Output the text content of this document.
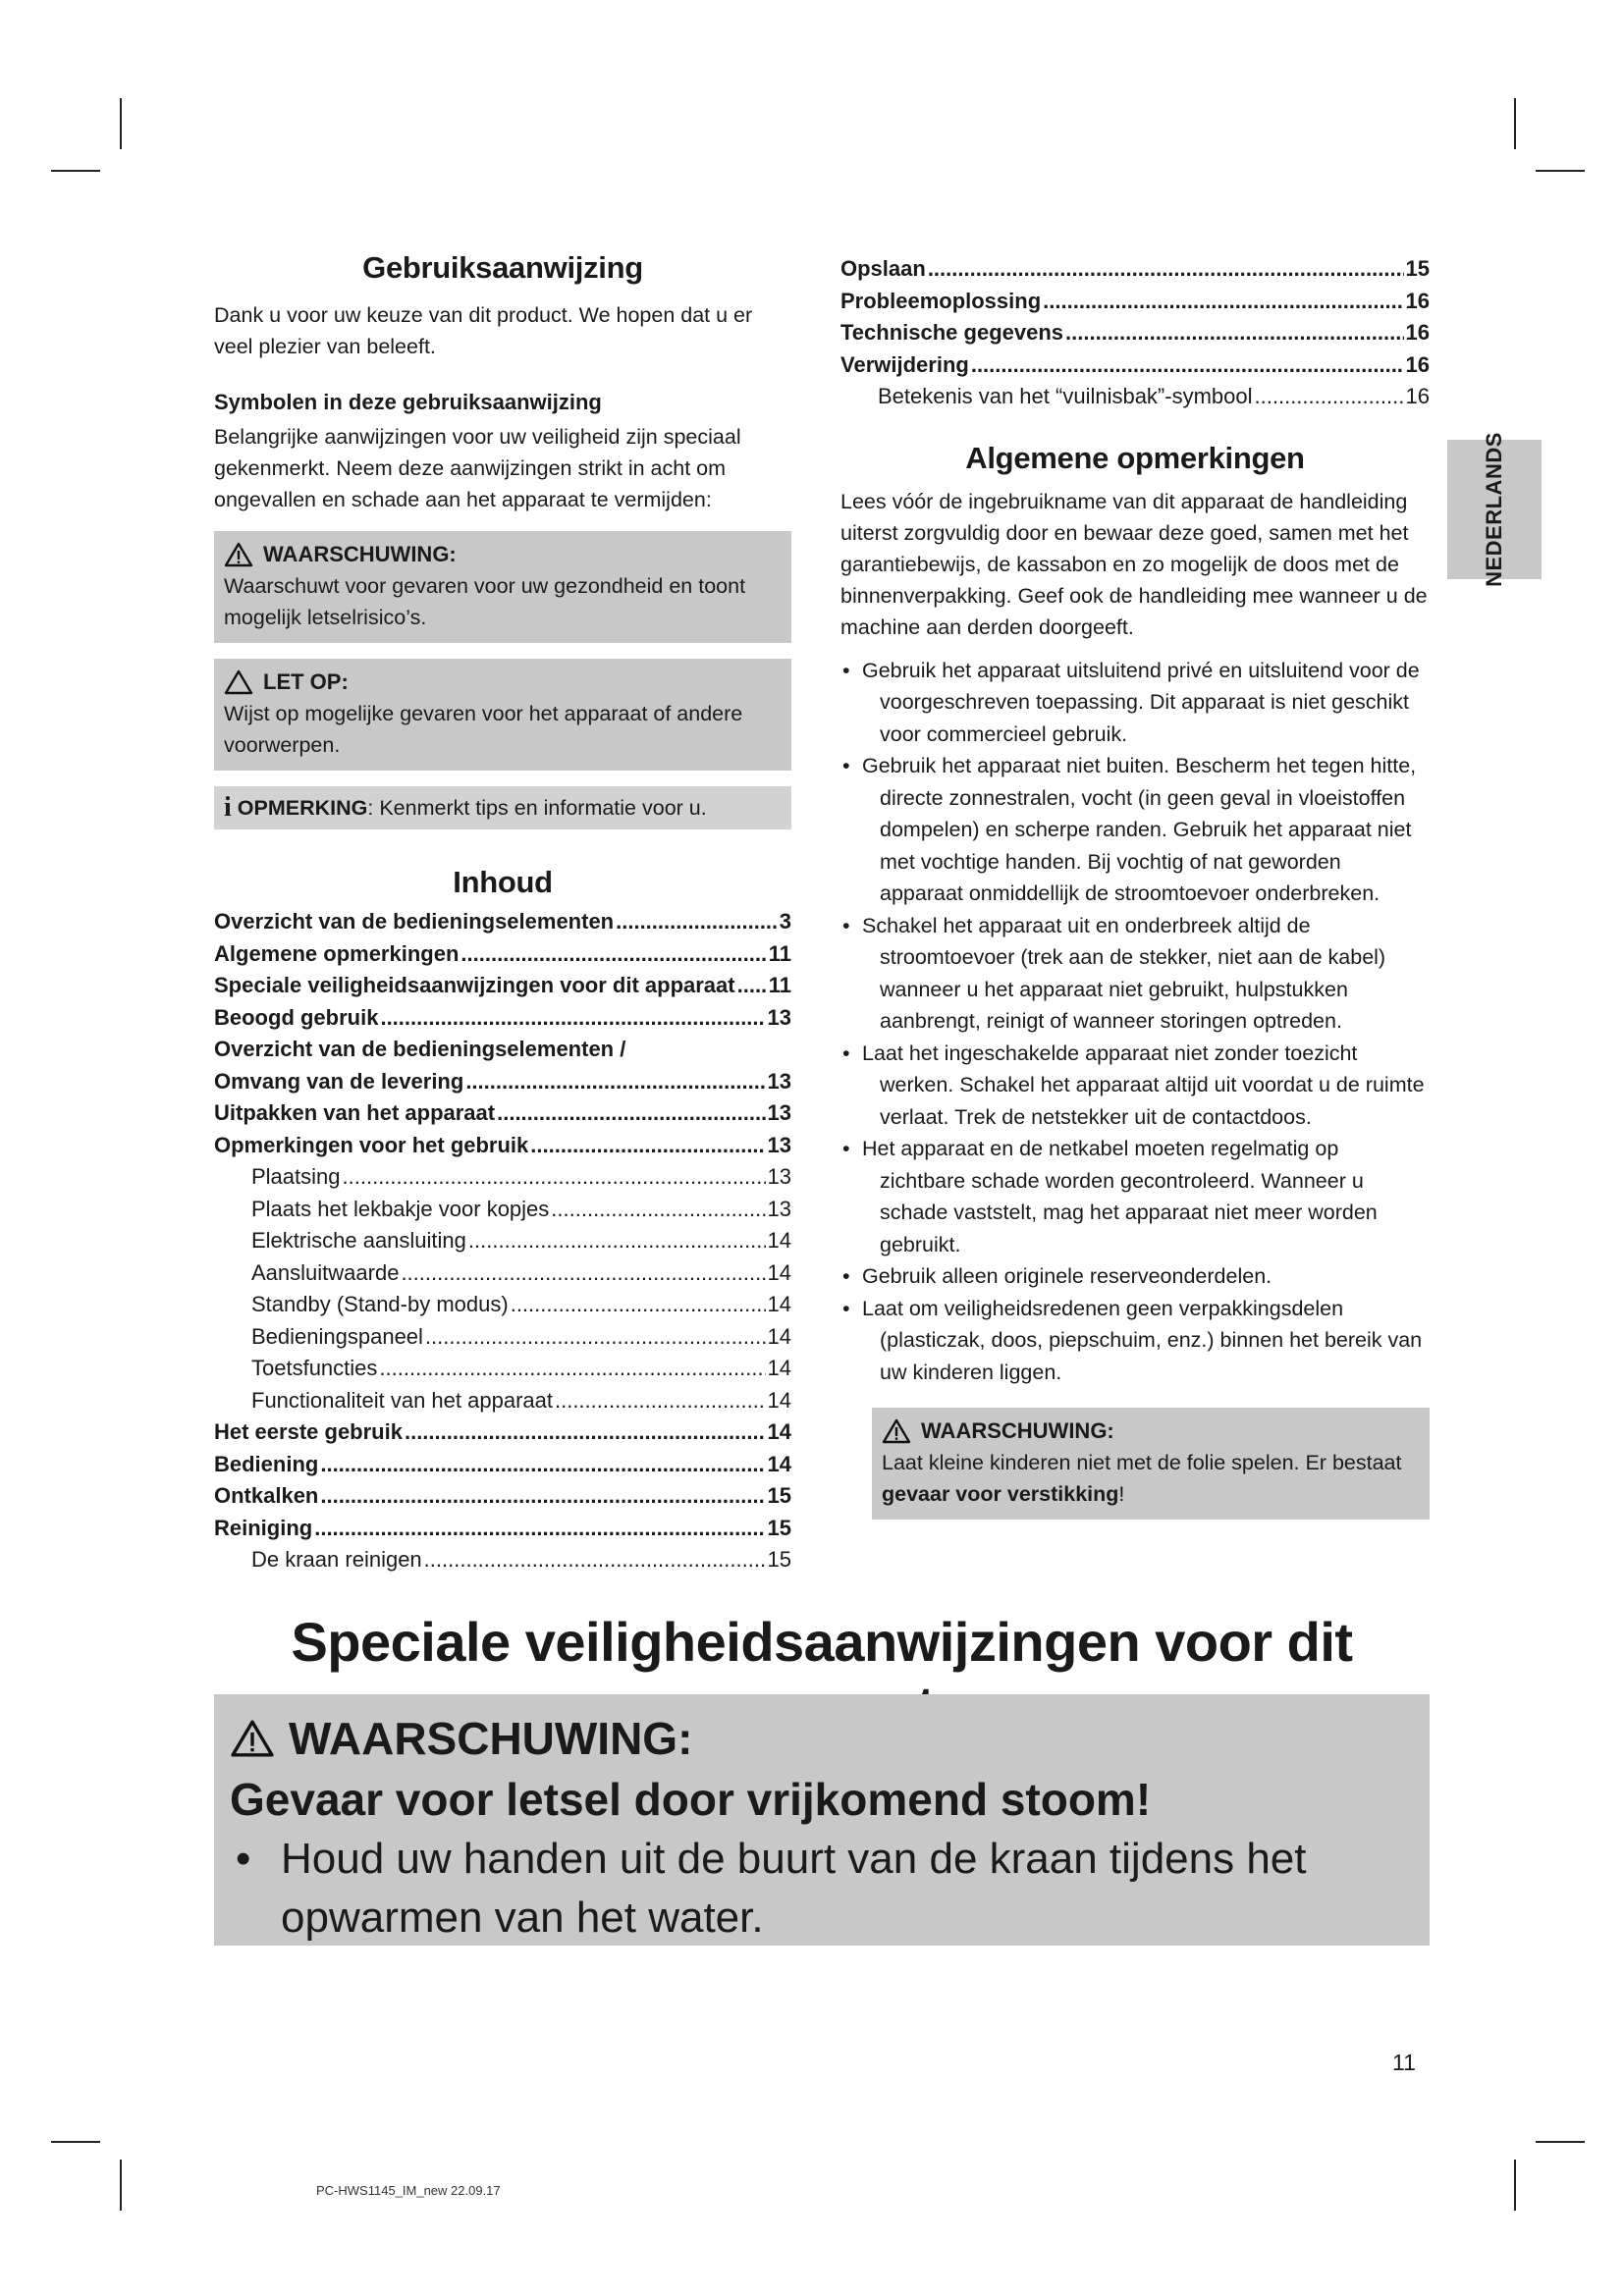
Gebruiksaanwijzing

Dank u voor uw keuze van dit product. We hopen dat u er veel plezier van beleeft.

Symbolen in deze gebruiksaanwijzing

Belangrijke aanwijzingen voor uw veiligheid zijn speciaal gekenmerkt. Neem deze aanwijzingen strikt in acht om ongevallen en schade aan het apparaat te vermijden:

WAARSCHUWING:
Waarschuwt voor gevaren voor uw gezondheid en toont mogelijk letselrisico’s.
LET OP:
Wijst op mogelijke gevaren voor het apparaat of andere voorwerpen.
i OPMERKING: Kenmerkt tips en informatie voor u.
Inhoud
Overzicht van de bedieningselementen .....	3
Algemene opmerkingen .....	11
Speciale veiligheidsaanwijzingen voor dit apparaat ..... 11
Beoogd gebruik .....	13
Overzicht van de bedieningselementen /
Omvang van de levering .....	13
Uitpakken van het apparaat .....	13
Opmerkingen voor het gebruik .....	13
Plaatsing .....	13
Plaats het lekbakje voor kopjes .....	13
Elektrische aansluiting .....	14
Aansluitwaarde .....	14
Standby (Stand-by modus) .....	14
Bedieningspaneel .....	14
Toetsfuncties .....	14
Functionaliteit van het apparaat .....	14
Het eerste gebruik .....	14
Bediening .....	14
Ontkalken .....	15
Reiniging .....	15
De kraan reinigen .....	15
Opslaan .....	15
Probleemoplossing .....	16
Technische gegevens .....	16
Verwijdering .....	16
Betekenis van het “vuilnisbak”-symbool .....	16
Algemene opmerkingen

Lees vóór de ingebruikname van dit apparaat de handleiding uiterst zorgvuldig door en bewaar deze goed, samen met het garantiebewijs, de kassabon en zo mogelijk de doos met de binnenverpakking. Geef ook de handleiding mee wanneer u de machine aan derden doorgeeft.

• Gebruik het apparaat uitsluitend privé en uitsluitend voor de voorgeschreven toepassing. Dit apparaat is niet geschikt voor commercieel gebruik.
• Gebruik het apparaat niet buiten. Bescherm het tegen hitte, directe zonnestralen, vocht (in geen geval in vloeistoffen dompelen) en scherpe randen. Gebruik het apparaat niet met vochtige handen. Bij vochtig of nat geworden apparaat onmiddellijk de stroomtoevoer onderbreken.
• Schakel het apparaat uit en onderbreek altijd de stroomtoevoer (trek aan de stekker, niet aan de kabel) wanneer u het apparaat niet gebruikt, hulpstukken aanbrengt, reinigt of wanneer storingen optreden.
• Laat het ingeschakelde apparaat niet zonder toezicht werken. Schakel het apparaat altijd uit voordat u de ruimte verlaat. Trek de netstekker uit de contactdoos.
• Het apparaat en de netkabel moeten regelmatig op zichtbare schade worden gecontroleerd. Wanneer u schade vaststelt, mag het apparaat niet meer worden gebruikt.
• Gebruik alleen originele reserveonderdelen.
• Laat om veiligheidsredenen geen verpakkingsdelen (plasticzak, doos, piepschuim, enz.) binnen het bereik van uw kinderen liggen.
WAARSCHUWING:
Laat kleine kinderen niet met de folie spelen. Er bestaat gevaar voor verstikking!
NEDERLANDS
Speciale veiligheidsaanwijzingen voor dit
WAARSCHUWING:
Gevaar voor letsel door vrijkomend stoom!
• Houd uw handen uit de buurt van de kraan tijdens het opwarmen van het water.
11
PC-HWS1145_IM_new 22.09.17
